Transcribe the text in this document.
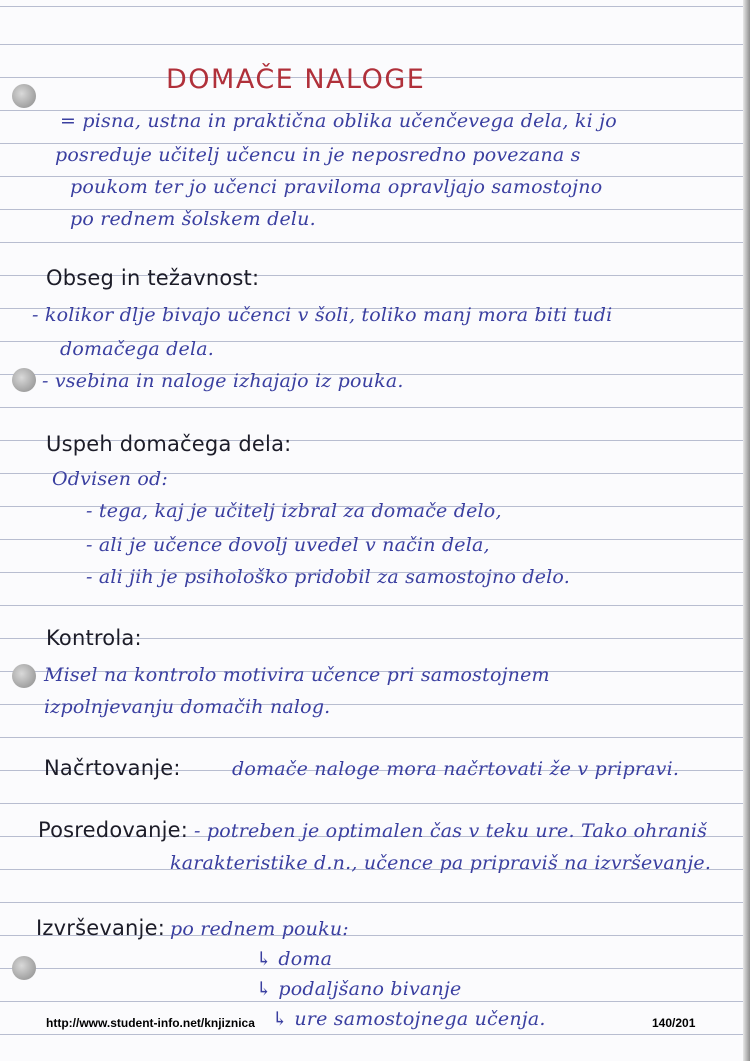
DOMAČE NALOGE
= pisna, ustna in praktična oblika učenčevega dela, ki jo
posreduje učitelj učencu in je neposredno povezana s
poukom ter jo učenci praviloma opravljajo samostojno
po rednem šolskem delu.
Obseg in težavnost:
- kolikor dlje bivajo učenci v šoli, toliko manj mora biti tudi
domačega dela.
- vsebina in naloge izhajajo iz pouka.
Uspeh domačega dela:
Odvisen od:
- tega, kaj je učitelj izbral za domače delo,
- ali je učence dovolj uvedel v način dela,
- ali jih je psihološko pridobil za samostojno delo.
Kontrola:
Misel na kontrolo motivira učence pri samostojnem
izpolnjevanju domačih nalog.
Načrtovanje:	domače naloge mora načrtovati že v pripravi.
Posredovanje: - potreben je optimalen čas v teku ure. Tako ohraniš
karakteristike d.n., učence pa pripraviš na izvrševanje.
Izvrševanje: po rednem pouku:
↳ doma
↳ podaljšano bivanje
↳ ure samostojnega učenja.
http://www.student-info.net/knjiznica	140/201
